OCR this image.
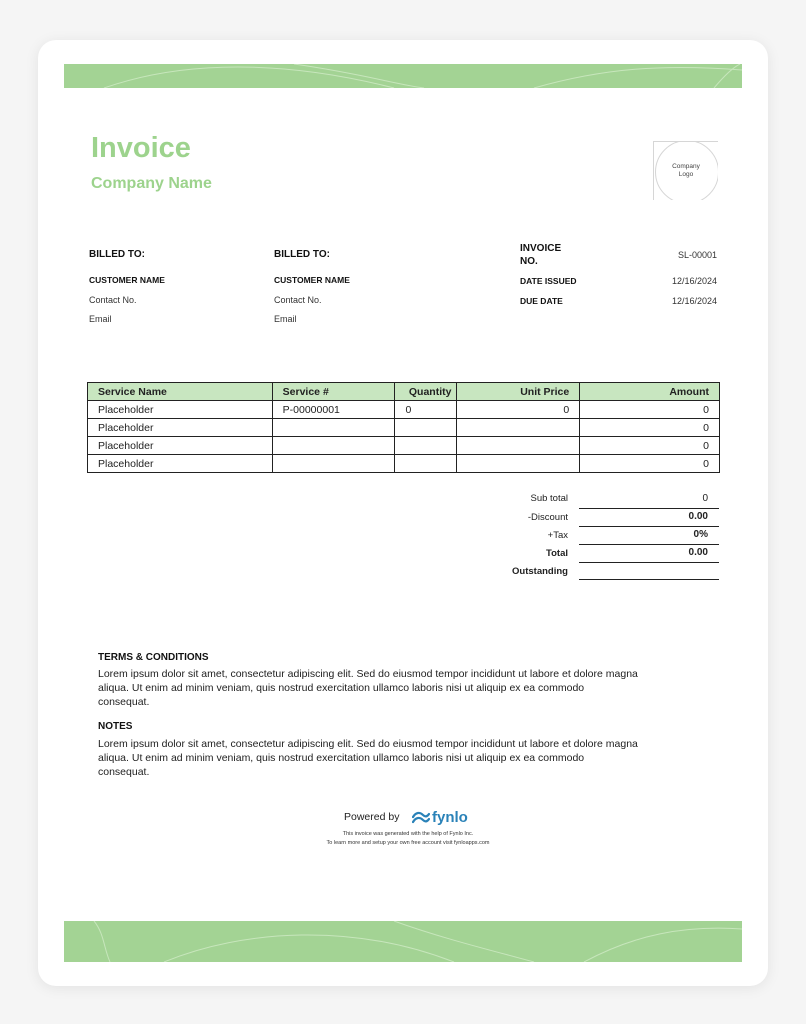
Invoice
Company Name
Company
Logo
BILLED TO:
CUSTOMER NAME
Contact No.
Email
BILLED TO:
CUSTOMER NAME
Contact No.
Email
INVOICE
NO.
SL-00001
DATE ISSUED	12/16/2024
DUE DATE	12/16/2024
Service Name	Service #	Quantity	Unit Price	Amount
Placeholder	P-00000001	0	0	0
Placeholder				0
Placeholder				0
Placeholder				0
Sub total	0
-Discount	0.00
+Tax	0%
Total	0.00
Outstanding
TERMS & CONDITIONS
Lorem ipsum dolor sit amet, consectetur adipiscing elit. Sed do eiusmod tempor incididunt ut labore et dolore magna aliqua. Ut enim ad minim veniam, quis nostrud exercitation ullamco laboris nisi ut aliquip ex ea commodo consequat.
NOTES
Lorem ipsum dolor sit amet, consectetur adipiscing elit. Sed do eiusmod tempor incididunt ut labore et dolore magna aliqua. Ut enim ad minim veniam, quis nostrud exercitation ullamco laboris nisi ut aliquip ex ea commodo consequat.
Powered by fynlo
This invoice was generated with the help of Fynlo Inc.
To learn more and setup your own free account visit fynloapps.com
